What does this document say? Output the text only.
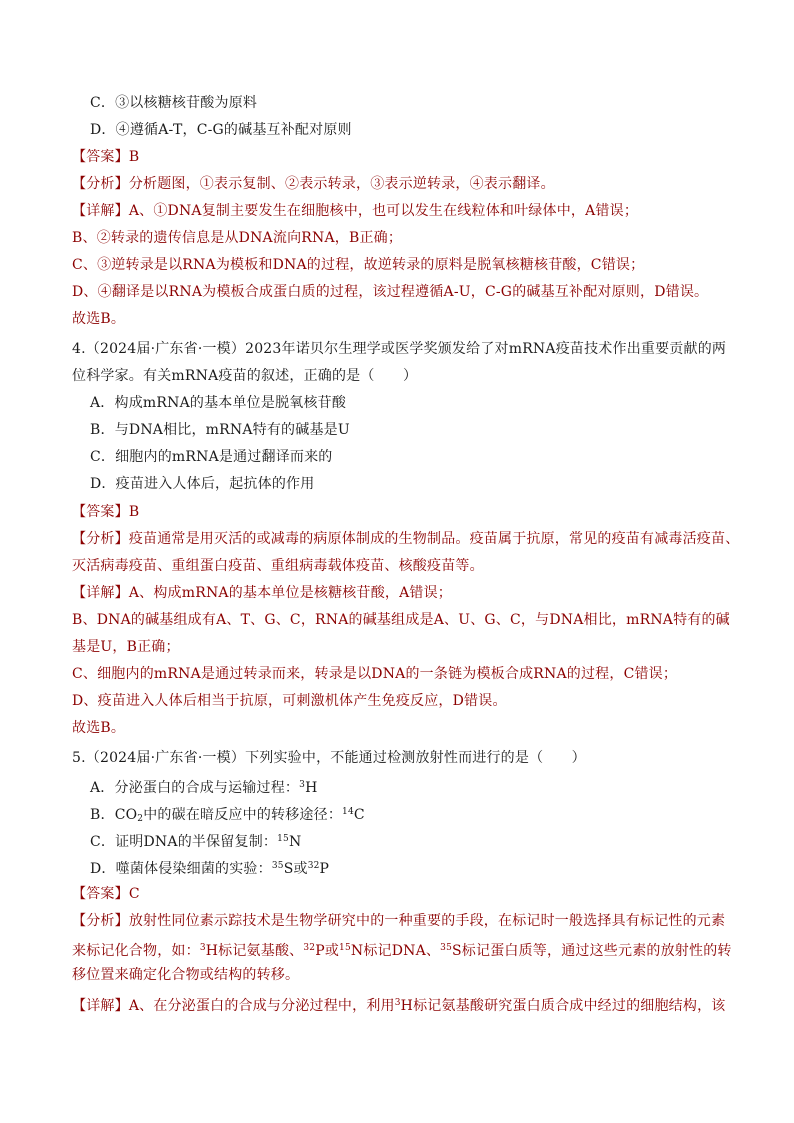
C．③以核糖核苷酸为原料
D．④遵循A-T，C-G的碱基互补配对原则
【答案】B
【分析】分析题图，①表示复制、②表示转录，③表示逆转录，④表示翻译。
【详解】A、①DNA复制主要发生在细胞核中，也可以发生在线粒体和叶绿体中，A错误；
B、②转录的遗传信息是从DNA流向RNA，B正确；
C、③逆转录是以RNA为模板和DNA的过程，故逆转录的原料是脱氧核糖核苷酸，C错误；
D、④翻译是以RNA为模板合成蛋白质的过程，该过程遵循A-U，C-G的碱基互补配对原则，D错误。
故选B。
4.（2024届·广东省·一模）2023年诺贝尔生理学或医学奖颁发给了对mRNA疫苗技术作出重要贡献的两
位科学家。有关mRNA疫苗的叙述，正确的是（　　）
A．构成mRNA的基本单位是脱氧核苷酸
B．与DNA相比，mRNA特有的碱基是U
C．细胞内的mRNA是通过翻译而来的
D．疫苗进入人体后，起抗体的作用
【答案】B
【分析】疫苗通常是用灭活的或减毒的病原体制成的生物制品。疫苗属于抗原，常见的疫苗有减毒活疫苗、
灭活病毒疫苗、重组蛋白疫苗、重组病毒载体疫苗、核酸疫苗等。
【详解】A、构成mRNA的基本单位是核糖核苷酸，A错误；
B、DNA的碱基组成有A、T、G、C，RNA的碱基组成是A、U、G、C，与DNA相比，mRNA特有的碱
基是U，B正确；
C、细胞内的mRNA是通过转录而来，转录是以DNA的一条链为模板合成RNA的过程，C错误；
D、疫苗进入人体后相当于抗原，可刺激机体产生免疫反应，D错误。
故选B。
5.（2024届·广东省·一模）下列实验中，不能通过检测放射性而进行的是（　　）
A．分泌蛋白的合成与运输过程：$^3$H
B．$CO_2$中的碳在暗反应中的转移途径：$^{14}$C
C．证明DNA的半保留复制：$^{15}$N
D．噬菌体侵染细菌的实验：$^{35}$S或$^{32}$P
【答案】C
【分析】放射性同位素示踪技术是生物学研究中的一种重要的手段，在标记时一般选择具有标记性的元素
来标记化合物，如：$^3$H标记氨基酸、$^{32}$P或$^{15}$N标记DNA、$^{35}$S标记蛋白质等，通过这些元素的放射性的转
移位置来确定化合物或结构的转移。
【详解】A、在分泌蛋白的合成与分泌过程中，利用$^3$H标记氨基酸研究蛋白质合成中经过的细胞结构，该
